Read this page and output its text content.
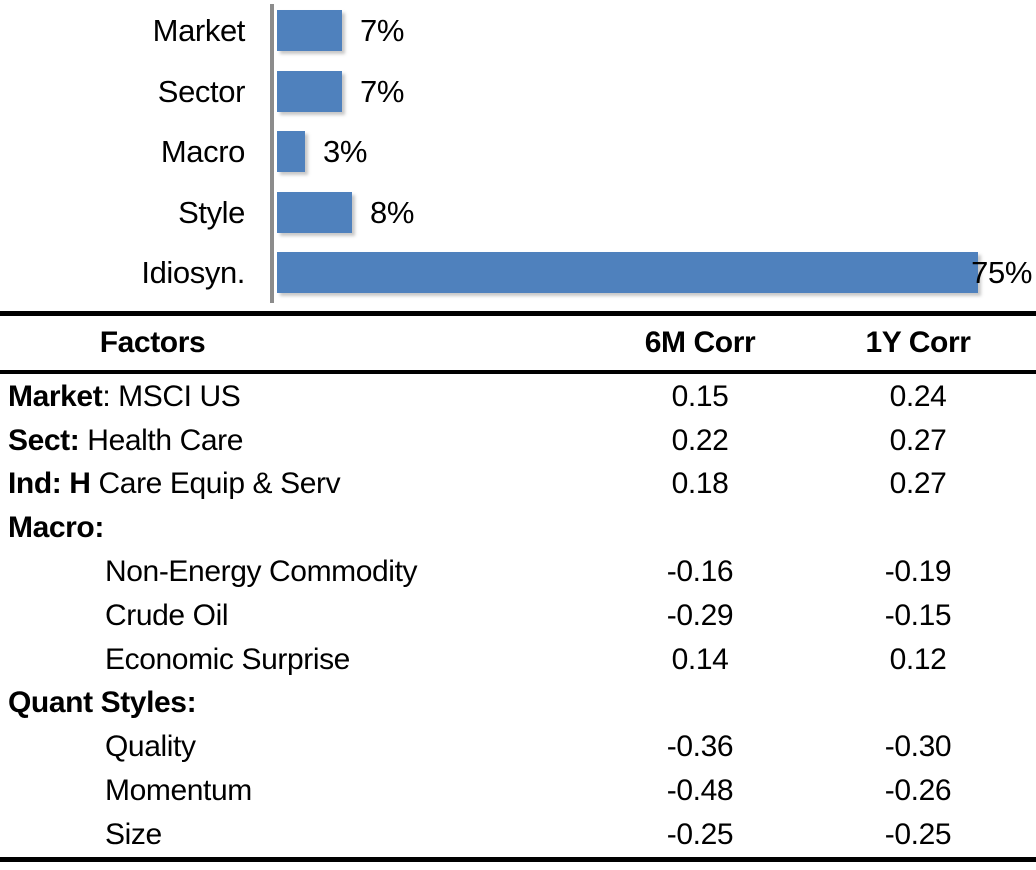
Market	7%
Sector	7%
Macro	3%
Style	8%
Idiosyn.	75%
Factors	6M Corr	1Y Corr
Market: MSCI US	0.15	0.24
Sect: Health Care	0.22	0.27
Ind: H Care Equip & Serv	0.18	0.27
Macro:
Non-Energy Commodity	-0.16	-0.19
Crude Oil	-0.29	-0.15
Economic Surprise	0.14	0.12
Quant Styles:
Quality	-0.36	-0.30
Momentum	-0.48	-0.26
Size	-0.25	-0.25
